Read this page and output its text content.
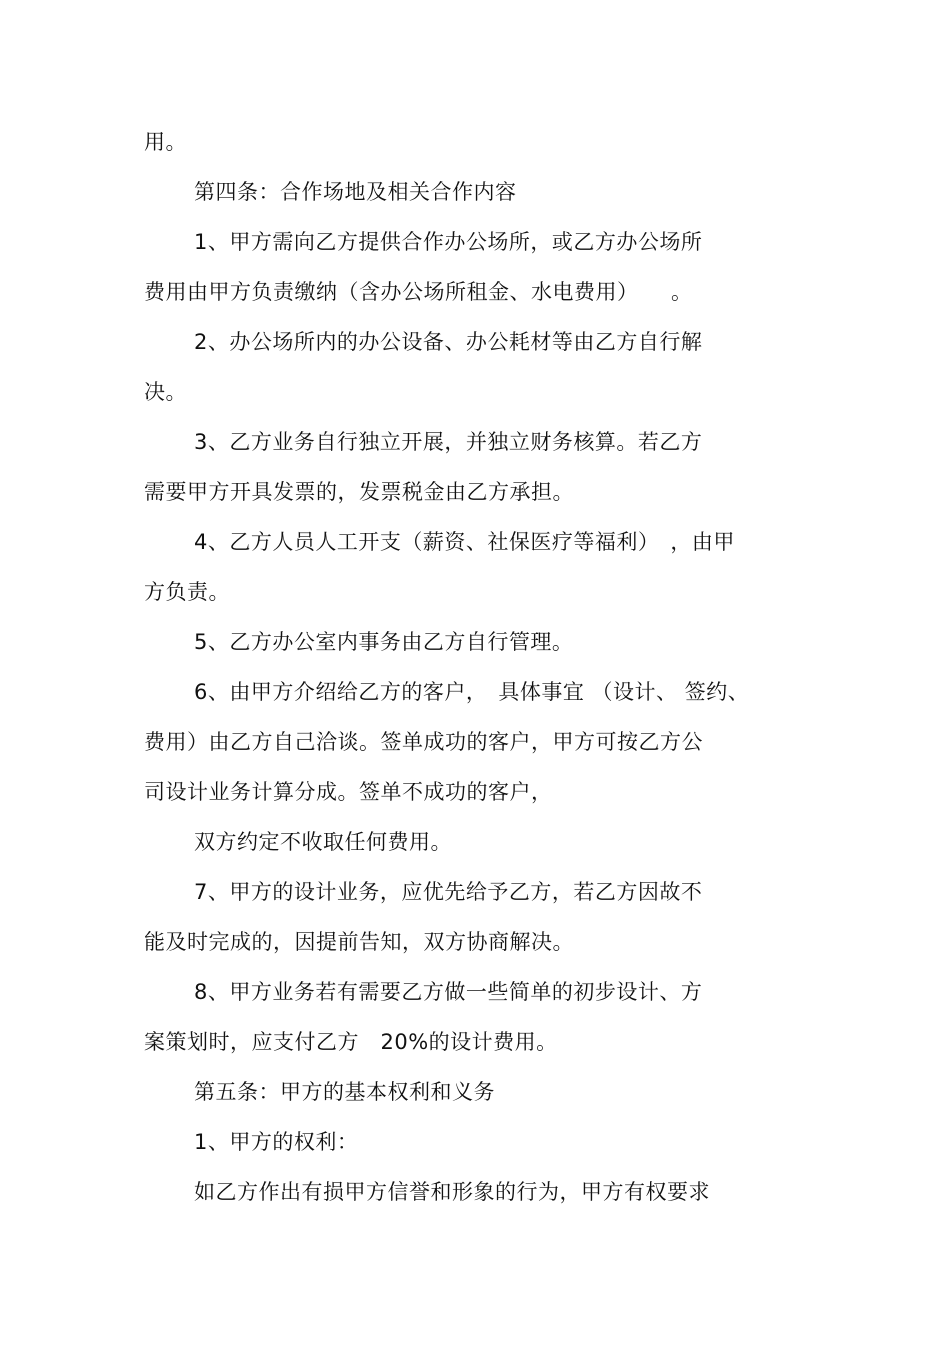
用。
第四条：合作场地及相关合作内容
1、甲方需向乙方提供合作办公场所，或乙方办公场所
费用由甲方负责缴纳（含办公场所租金、水电费用）　　。
2、办公场所内的办公设备、办公耗材等由乙方自行解
决。
3、乙方业务自行独立开展，并独立财务核算。若乙方
需要甲方开具发票的，发票税金由乙方承担。
4、乙方人员人工开支（薪资、社保医疗等福利）　，由甲
方负责。
5、乙方办公室内事务由乙方自行管理。
6、由甲方介绍给乙方的客户，　具体事宜 （设计、 签约、
费用）由乙方自己洽谈。签单成功的客户，甲方可按乙方公
司设计业务计算分成。签单不成功的客户，
双方约定不收取任何费用。
7、甲方的设计业务，应优先给予乙方，若乙方因故不
能及时完成的，因提前告知，双方协商解决。
8、甲方业务若有需要乙方做一些简单的初步设计、方
案策划时，应支付乙方　20%的设计费用。
第五条：甲方的基本权利和义务
1、甲方的权利：
如乙方作出有损甲方信誉和形象的行为，甲方有权要求
